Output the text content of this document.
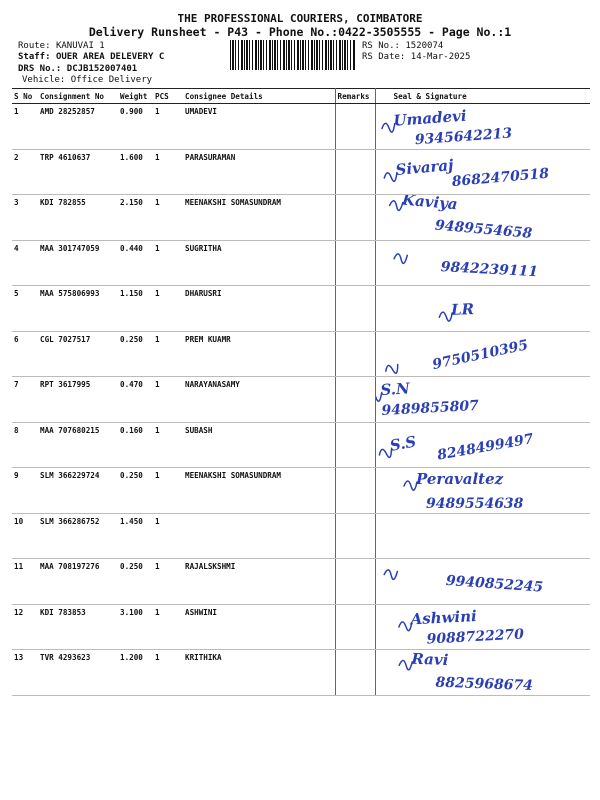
THE PROFESSIONAL COURIERS, COIMBATORE
Delivery Runsheet - P43 - Phone No.:0422-3505555 - Page No.:1
Route: KANUVAI 1
Staff: OUER AREA DELEVERY C
DRS No.: DCJB152007401
Vehicle: Office Delivery
RS No.: 1520074
RS Date: 14-Mar-2025
S No	Consignment No	Weight	PCS	Consignee Details	Remarks	Seal & Signature
1	AMD 28252857	0.900	1	UMADEVI		Umadevi
9345642213

2	TRP 4610637	1.600	1	PARASURAMAN		Sivaraj
8682470518

3	KDI 782855	2.150	1	MEENAKSHI SOMASUNDRAM		Kaviya
9489554658

4	MAA 301747059	0.440	1	SUGRITHA		9842239111

5	MAA 575806993	1.150	1	DHARUSRI		LR

6	CGL 7027517	0.250	1	PREM KUAMR		9750510395

7	RPT 3617995	0.470	1	NARAYANASAMY		S.N
9489855807

8	MAA 707680215	0.160	1	SUBASH		S.S 8248499497

9	SLM 366229724	0.250	1	MEENAKSHI SOMASUNDRAM		Peravaltez
9489554638

10	SLM 366286752	1.450	1			
11	MAA 708197276	0.250	1	RAJALSKSHMI		9940852245

12	KDI 783853	3.100	1	ASHWINI		Ashwini
9088722270

13	TVR 4293623	1.200	1	KRITHIKA		Ravi
8825968674
